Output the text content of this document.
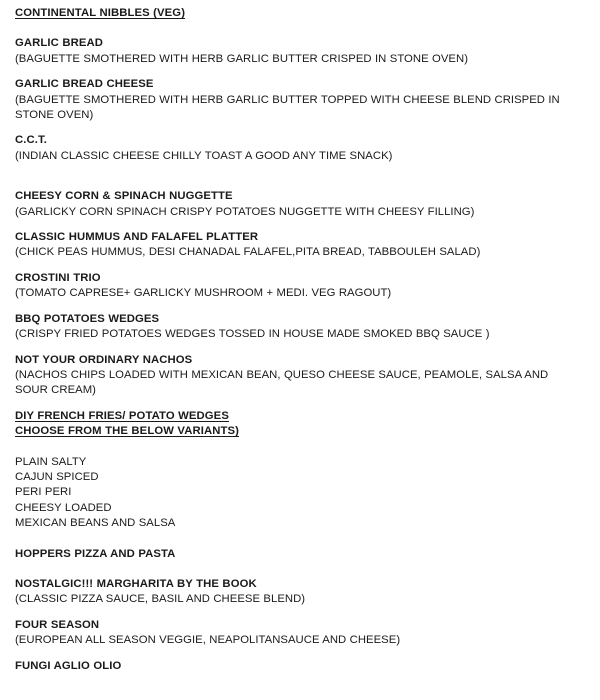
CONTINENTAL NIBBLES (VEG)
GARLIC BREAD
(BAGUETTE SMOTHERED WITH HERB GARLIC BUTTER CRISPED IN STONE OVEN)
GARLIC BREAD CHEESE
(BAGUETTE SMOTHERED WITH HERB GARLIC BUTTER TOPPED WITH CHEESE BLEND CRISPED IN STONE OVEN)
C.C.T.
(INDIAN CLASSIC CHEESE CHILLY TOAST A GOOD ANY TIME SNACK)
CHEESY CORN & SPINACH NUGGETTE
(GARLICKY CORN SPINACH CRISPY POTATOES NUGGETTE WITH CHEESY FILLING)
CLASSIC HUMMUS AND FALAFEL PLATTER
(CHICK PEAS HUMMUS, DESI CHANADAL FALAFEL,PITA BREAD, TABBOULEH SALAD)
CROSTINI TRIO
(TOMATO CAPRESE+ GARLICKY MUSHROOM + MEDI. VEG RAGOUT)
BBQ POTATOES WEDGES
(CRISPY FRIED POTATOES WEDGES TOSSED IN HOUSE MADE SMOKED BBQ SAUCE )
NOT YOUR ORDINARY NACHOS
(NACHOS CHIPS LOADED WITH MEXICAN BEAN, QUESO CHEESE SAUCE, PEAMOLE, SALSA AND SOUR CREAM)
DIY FRENCH FRIES/ POTATO WEDGES
CHOOSE FROM THE BELOW VARIANTS)
PLAIN SALTY
CAJUN SPICED
PERI PERI
CHEESY LOADED
MEXICAN BEANS AND SALSA
HOPPERS PIZZA AND PASTA
NOSTALGIC!!! MARGHARITA BY THE BOOK
(CLASSIC PIZZA SAUCE, BASIL AND CHEESE BLEND)
FOUR SEASON
(EUROPEAN ALL SEASON VEGGIE, NEAPOLITANSAUCE AND CHEESE)
FUNGI AGLIO OLIO
